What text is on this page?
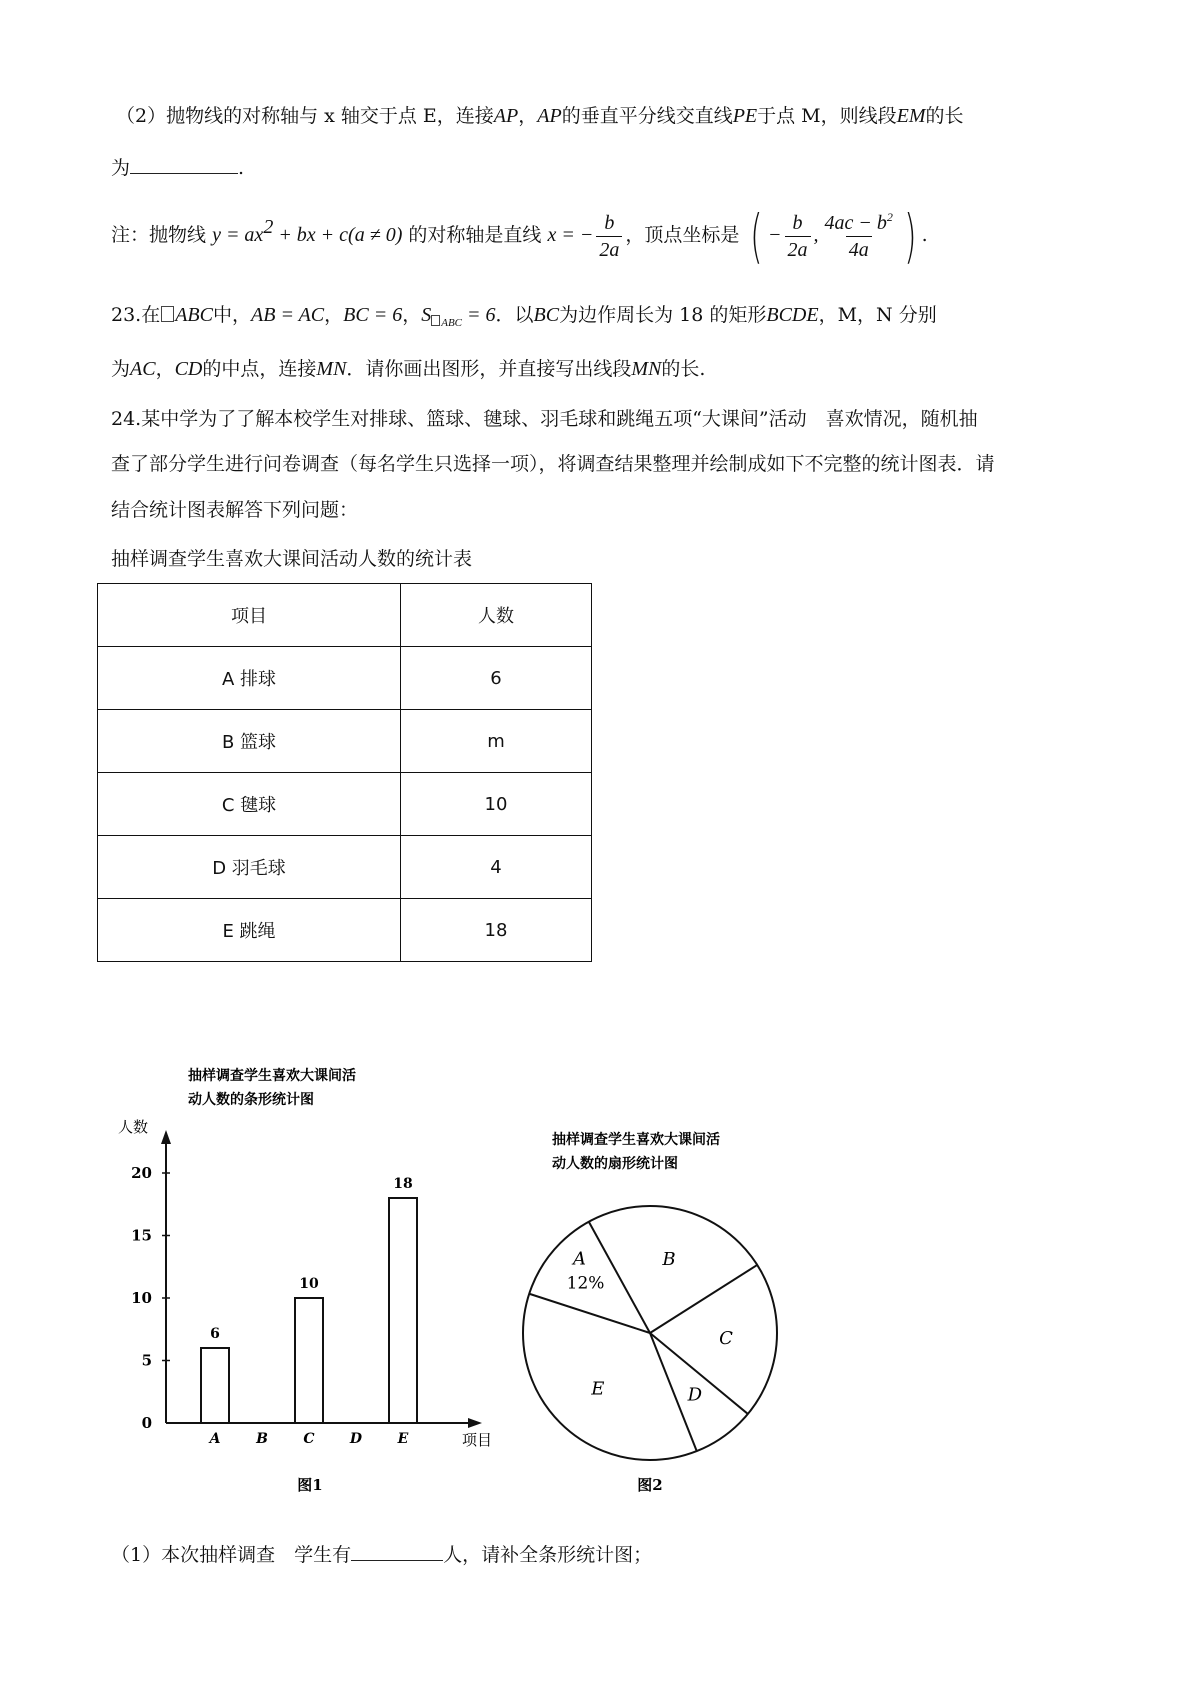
（2）抛物线的对称轴与 x 轴交于点 E，连接AP，AP的垂直平分线交直线PE于点 M，则线段EM的长
为	.
注：抛物线 $y = ax^2$ + bx + c(a ≠ 0) 的对称轴是直线 x = − $\frac{b}{2a}$ ，顶点坐标是 ( − $\frac{b}{2a}$ , $\frac{4ac - b^2}{4a}$ ) .
23.在 ABC中，AB = AC，BC = 6，S $_{ABC}$ = 6．以BC为边作周长为 18 的矩形BCDE，M，N 分别
为AC，CD的中点，连接MN．请你画出图形，并直接写出线段MN的长.
24.某中学为了了解本校学生对排球、篮球、毽球、羽毛球和跳绳五项“大课间”活动　喜欢情况，随机抽
查了部分学生进行问卷调查（每名学生只选择一项），将调查结果整理并绘制成如下不完整的统计图表．请
结合统计图表解答下列问题：
抽样调查学生喜欢大课间活动人数的统计表
项目	人数
A 排球	6
B 篮球	m
C 毽球	10
D 羽毛球	4
E 跳绳	18
抽样调查学生喜欢大课间活
动人数的条形统计图
人数
项目
图1
0
5
10
15
20
A	B	C	D	E
6
10
18
抽样调查学生喜欢大课间活
动人数的扇形统计图
图2
A
12%
B
C
D
E
（1）本次抽样调查　学生有	人，请补全条形统计图；
